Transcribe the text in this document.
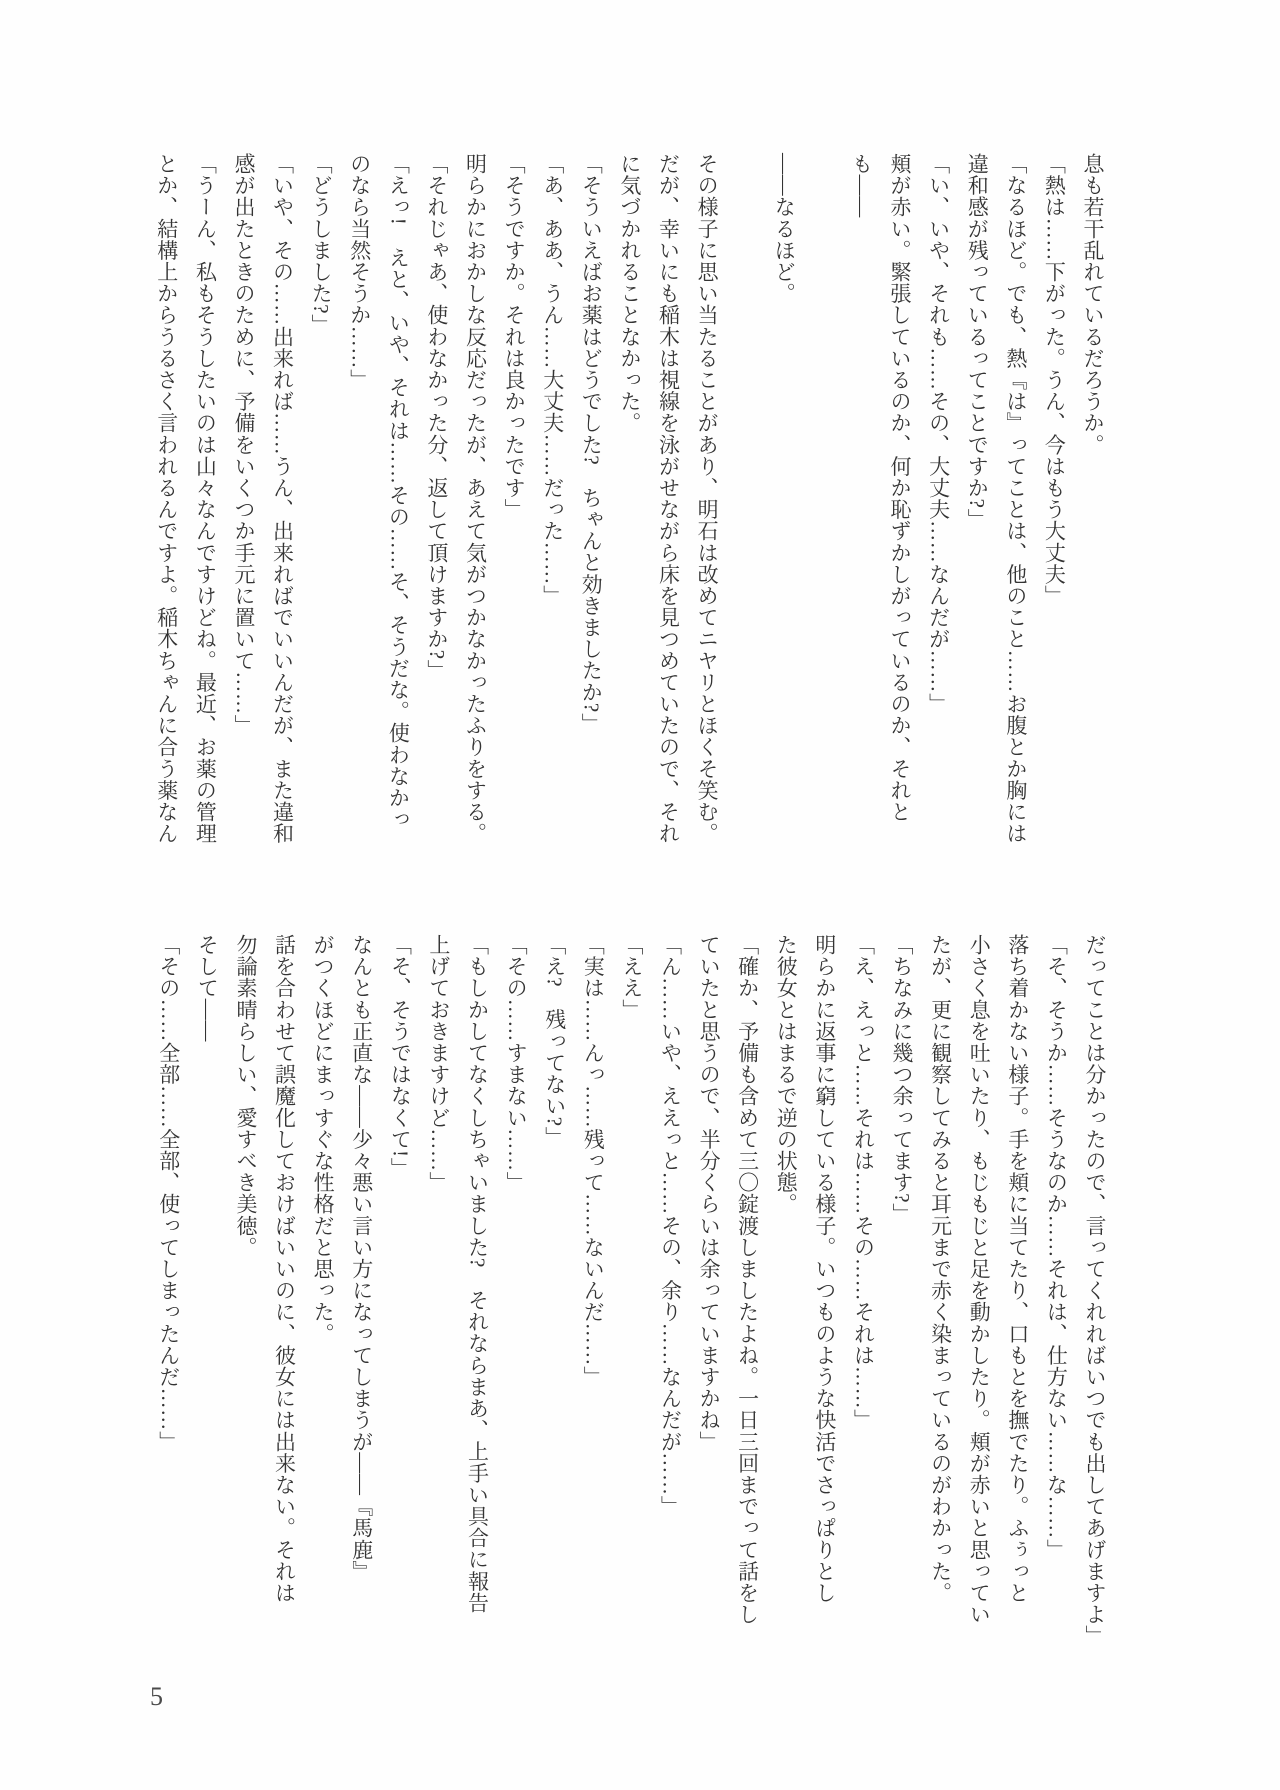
息も若干乱れているだろうか。
「熱は……下がった。うん、今はもう大丈夫」
「なるほど。でも、熱『は』ってことは、他のこと……お腹とか胸には
違和感が残っているってことですか?」
「い、いや、それも……その、大丈夫……なんだが……」
頬が赤い。緊張しているのか、何か恥ずかしがっているのか、それと
も――

――なるほど。

その様子に思い当たることがあり、明石は改めてニヤリとほくそ笑む。
だが、幸いにも稲木は視線を泳がせながら床を見つめていたので、それ
に気づかれることなかった。
「そういえばお薬はどうでした?　ちゃんと効きましたか?」
「あ、ああ、うん……大丈夫……だった……」
「そうですか。それは良かったです」
明らかにおかしな反応だったが、あえて気がつかなかったふりをする。
「それじゃあ、使わなかった分、返して頂けますか?」
「えっ!　えと、いや、それは……その……そ、そうだな。使わなかっ
のなら当然そうか……」
「どうしました?」
「いや、その……出来れば……うん、出来ればでいいんだが、また違和
感が出たときのために、予備をいくつか手元に置いて……」
「うーん、私もそうしたいのは山々なんですけどね。最近、お薬の管理
とか、結構上からうるさく言われるんですよ。稲木ちゃんに合う薬なん
だってことは分かったので、言ってくれればいつでも出してあげますよ」
「そ、そうか……そうなのか……それは、仕方ない……な……」
落ち着かない様子。手を頬に当てたり、口もとを撫でたり。ふぅっと
小さく息を吐いたり、もじもじと足を動かしたり。頬が赤いと思ってい
たが、更に観察してみると耳元まで赤く染まっているのがわかった。
「ちなみに幾つ余ってます?」
「え、えっと……それは……その……それは……」
明らかに返事に窮している様子。いつものような快活でさっぱりとし
た彼女とはまるで逆の状態。
「確か、予備も含めて三〇錠渡しましたよね。一日三回までって話をし
ていたと思うので、半分くらいは余っていますかね」
「ん……いや、ええっと……その、余り……なんだが……」
「ええ」
「実は……んっ……残って……ないんだ……」
「え?　残ってない?」
「その……すまない……」
「もしかしてなくしちゃいました?　それならまあ、上手い具合に報告
上げておきますけど……」
「そ、そうではなくて!」
なんとも正直な――少々悪い言い方になってしまうが――『馬鹿』
がつくほどにまっすぐな性格だと思った。
話を合わせて誤魔化しておけばいいのに、彼女には出来ない。それは
勿論素晴らしい、愛すべき美徳。
そして――
「その……全部……全部、使ってしまったんだ……」
5
